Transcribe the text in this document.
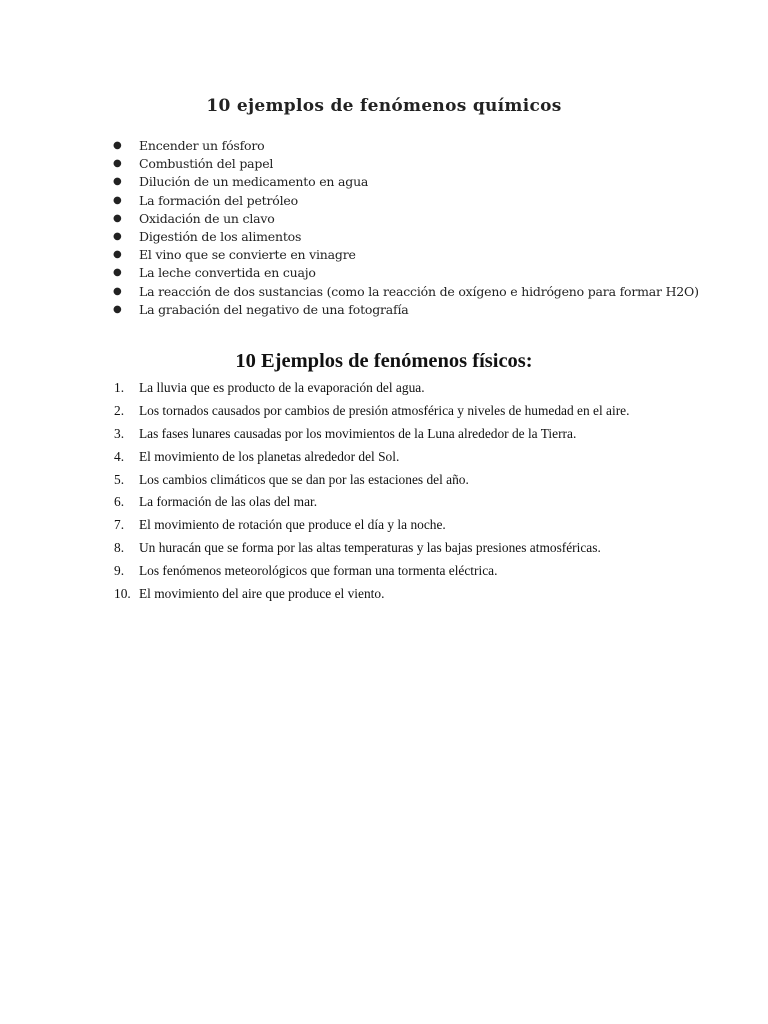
10 ejemplos de fenómenos químicos
● Encender un fósforo
● Combustión del papel
● Dilución de un medicamento en agua
● La formación del petróleo
● Oxidación de un clavo
● Digestión de los alimentos
● El vino que se convierte en vinagre
● La leche convertida en cuajo
● La reacción de dos sustancias (como la reacción de oxígeno e hidrógeno para formar H2O)
● La grabación del negativo de una fotografía
10 Ejemplos de fenómenos físicos:
1. La lluvia que es producto de la evaporación del agua.
2. Los tornados causados por cambios de presión atmosférica y niveles de humedad en el aire.
3. Las fases lunares causadas por los movimientos de la Luna alrededor de la Tierra.
4. El movimiento de los planetas alrededor del Sol.
5. Los cambios climáticos que se dan por las estaciones del año.
6. La formación de las olas del mar.
7. El movimiento de rotación que produce el día y la noche.
8. Un huracán que se forma por las altas temperaturas y las bajas presiones atmosféricas.
9. Los fenómenos meteorológicos que forman una tormenta eléctrica.
10. El movimiento del aire que produce el viento.
